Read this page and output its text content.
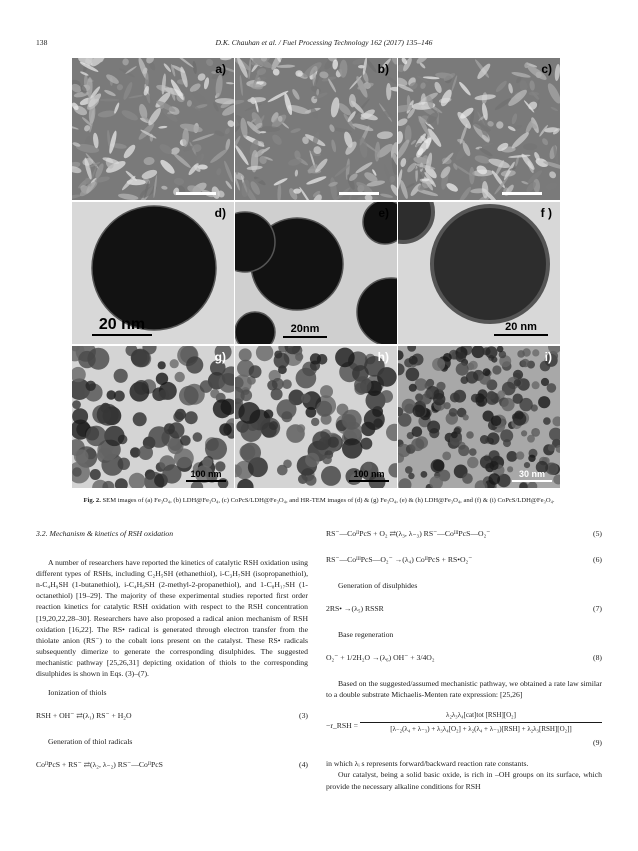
138	D.K. Chauhan et al. / Fuel Processing Technology 162 (2017) 135–146
a)	b)	c)
d)
20 nm
e)
20nm
f )
20 nm
g)
100 nm
h)
100 nm
i)
30 nm
Fig. 2. SEM images of (a) Fe₃O₄, (b) LDH@Fe₃O₄, (c) CoPcS/LDH@Fe₃O₄, and HR-TEM images of (d) & (g) Fe₃O₄, (e) & (h) LDH@Fe₃O₄, and (f) & (i) CoPcS/LDH@Fe₃O₄.

3.2. Mechanism & kinetics of RSH oxidation

A number of researchers have reported the kinetics of catalytic RSH oxidation using different types of RSHs, including C₂H₅SH (ethanethiol), i-C₃H₇SH (isopropanethiol), n-C₄H₉SH (1-butanethiol), i-C₄H₉SH (2-methyl-2-propanethiol), and 1-C₈H₁₇SH (1-octanethiol) [19–29]. The majority of these experimental studies reported first order reaction kinetics for catalytic RSH oxidation with respect to the RSH concentration [19,20,22,28–30]. Researchers have also proposed a radical anion mechanism of RSH oxidation [16,22]. The RS• radical is generated through electron transfer from the thiolate anion (RS⁻) to the cobalt ions present on the catalyst. These RS• radicals subsequently dimerize to generate the corresponding disulphides. The suggested mechanistic pathway [25,26,31] depicting oxidation of thiols to the corresponding disulphides is shown in Eqs. (3)–(7).

Ionization of thiols

RSH + OH⁻ ⇄(λ₁) RS⁻ + H₂O	(3)

Generation of thiol radicals

CoᴵᴵPcS + RS⁻ ⇄(λ₂, λ₋₂) RS⁻—CoᴵᴵPcS	(4)
RS⁻—CoᴵᴵPcS + O₂ ⇄(λ₃, λ₋₃) RS⁻—CoᴵᴵᴵPcS—O₂⁻	(5)
RS⁻—CoᴵᴵᴵPcS—O₂⁻ →(λ₄) CoᴵᴵPcS + RS•O₂⁻	(6)

Generation of disulphides

2RS• →(λ₅) RSSR	(7)

Base regeneration

O₂⁻ + 1/2H₂O →(λ₆) OH⁻ + 3/4O₂	(8)

Based on the suggested/assumed mechanistic pathway, we obtained a rate law similar to a double substrate Michaelis-Menten rate expression: [25,26]

−r_RSH =
λ₂λ₃λ₄[cat]tot [RSH][O₂]
[λ₋₂(λ₄ + λ₋₃) + λ₃λ₄[O₂] + λ₂(λ₄ + λ₋₃)[RSH] + λ₂λ₃[RSH][O₂]]
(9)

in which λᵢ s represents forward/backward reaction rate constants.

Our catalyst, being a solid basic oxide, is rich in –OH groups on its surface, which provide the necessary alkaline conditions for RSH
